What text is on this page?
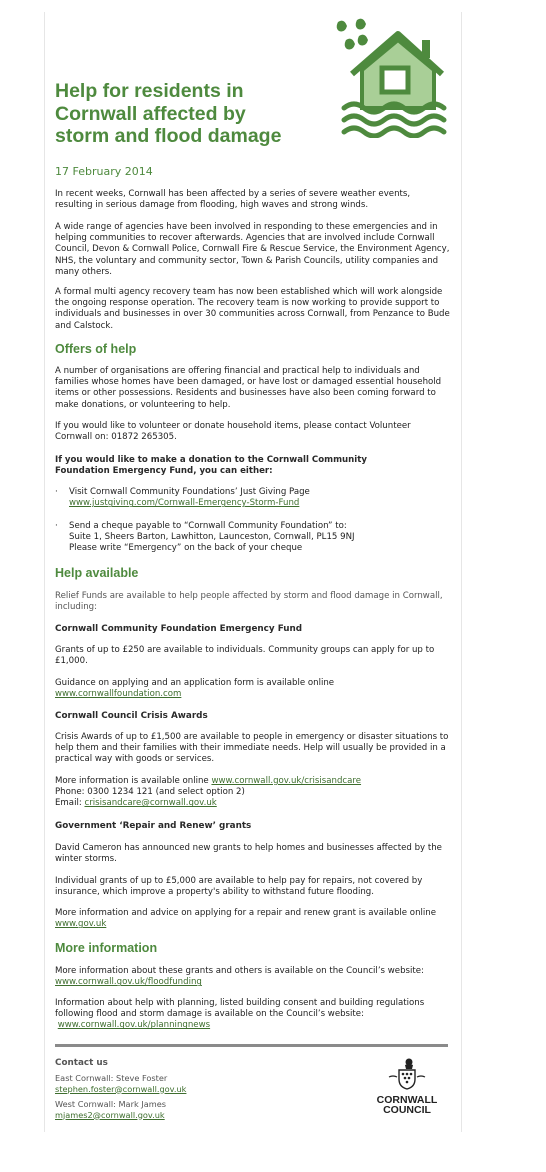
Help for residents in
Cornwall affected by
storm and flood damage
17 February 2014

In recent weeks, Cornwall has been affected by a series of severe weather events, resulting in serious damage from flooding, high waves and strong winds.

A wide range of agencies have been involved in responding to these emergencies and in helping communities to recover afterwards. Agencies that are involved include Cornwall Council, Devon & Cornwall Police, Cornwall Fire & Rescue Service, the Environment Agency, NHS, the voluntary and community sector, Town & Parish Councils, utility companies and many others.

A formal multi agency recovery team has now been established which will work alongside the ongoing response operation. The recovery team is now working to provide support to individuals and businesses in over 30 communities across Cornwall, from Penzance to Bude and Calstock.

Offers of help

A number of organisations are offering financial and practical help to individuals and families whose homes have been damaged, or have lost or damaged essential household items or other possessions. Residents and businesses have also been coming forward to make donations, or volunteering to help.

If you would like to volunteer or donate household items, please contact Volunteer Cornwall on: 01872 265305.

If you would like to make a donation to the Cornwall Community Foundation Emergency Fund, you can either:

· Visit Cornwall Community Foundations’ Just Giving Page
www.justgiving.com/Cornwall-Emergency-Storm-Fund
· Send a cheque payable to “Cornwall Community Foundation” to:
Suite 1, Sheers Barton, Lawhitton, Launceston, Cornwall, PL15 9NJ
Please write “Emergency” on the back of your cheque
Help available

Relief Funds are available to help people affected by storm and flood damage in Cornwall, including:

Cornwall Community Foundation Emergency Fund

Grants of up to £250 are available to individuals. Community groups can apply for up to £1,000.

Guidance on applying and an application form is available online
www.cornwallfoundation.com

Cornwall Council Crisis Awards

Crisis Awards of up to £1,500 are available to people in emergency or disaster situations to help them and their families with their immediate needs. Help will usually be provided in a practical way with goods or services.

More information is available online www.cornwall.gov.uk/crisisandcare
Phone: 0300 1234 121 (and select option 2)
Email: crisisandcare@cornwall.gov.uk

Government ‘Repair and Renew’ grants

David Cameron has announced new grants to help homes and businesses affected by the winter storms.

Individual grants of up to £5,000 are available to help pay for repairs, not covered by insurance, which improve a property's ability to withstand future flooding.

More information and advice on applying for a repair and renew grant is available online www.gov.uk

More information

More information about these grants and others is available on the Council’s website: www.cornwall.gov.uk/floodfunding

Information about help with planning, listed building consent and building regulations following flood and storm damage is available on the Council’s website:
www.cornwall.gov.uk/planningnews

Contact us
East Cornwall: Steve Foster
stephen.foster@cornwall.gov.uk
West Cornwall: Mark James
mjames2@cornwall.gov.uk
CORNWALL
COUNCIL
